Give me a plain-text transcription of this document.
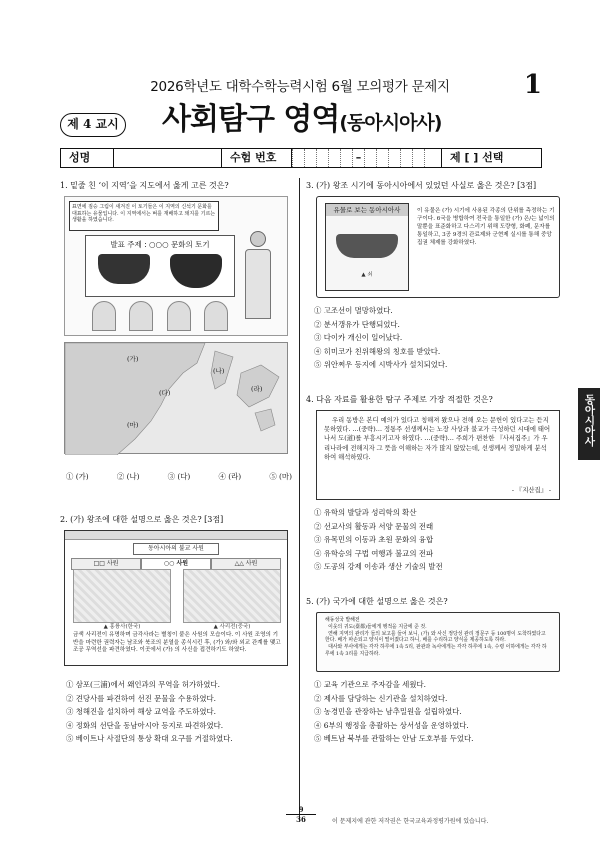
2026학년도 대학수학능력시험 6월 모의평가 문제지	1
제 4 교시 사회탐구 영역(동아시아사)
성명	수험 번호	–	제 [ ] 선택
동아시아사
1. 밑줄 친 ‘이 지역’을 지도에서 옳게 고른 것은?
표면에 짐승 그림이 새겨진 이 토기들은 이 지역의 신석기 문화를 대표하는 유물입니다. 이 지역에서는 벼를 재배하고 돼지를 기르는 생활을 하였습니다.
발표 주제 : ○○○ 문화의 토기
(가)
(나)
(다)	(라)
(마)
① (가)	② (나)	③ (다)	④ (라)	⑤ (마)
2. (가) 왕조에 대한 설명으로 옳은 것은? [3점]
동아시아의 불교 사원
□□ 사원	○○ 사원	△△ 사원
▲ 홍륭사(한국)	▲ 사리전(중국)
금색 사리전이 유명하며 금각사라는 별칭이 붙은 사원의 모습이다. 이 사원 조영의 기반을 마련한 권력자는 남조와 북조의 분열을 종식시킨 후, (가) 와/와 외교 관계를 맺고 조공 무역선을 파견하였다. 이곳에서 (가) 의 사신을 접견하기도 하였다.
① 삼포(三浦)에서 왜인과의 무역을 허가하였다.
② 견당사를 파견하여 선진 문물을 수용하였다.
③ 청해진을 설치하여 해상 교역을 주도하였다.
④ 정화의 선단을 동남아시아 등지로 파견하였다.
⑤ 베이트나 사절단의 통상 확대 요구를 거절하였다.
3. (가) 왕조 시기에 동아시아에서 있었던 사실로 옳은 것은? [3점]
유물로 보는 동아시아사
▲ 쇠
이 유물은 (가) 시기에 사용된 각종의 단위를 측정하는 기구이다. 6국을 병합하여 전국을 통일한 (가) 은/는 넓이의 말뿐을 표준화하고 다스리기 위해 도량형, 화폐, 문자를 통일하고, 3공 9경의 관료제와 군현제 실시를 통해 중앙 집권 체제를 강화하였다.
① 고조선이 멸망하였다.
② 분서갱유가 단행되었다.
③ 다이카 개신이 일어났다.
④ 히미코가 친위해왕의 칭호를 받았다.
⑤ 위안쩌우 등지에 시박사가 설치되었다.
4. 다음 자료를 활용한 탐구 주제로 가장 적절한 것은?
우리 동방은 본디 예의가 있다고 칭해져 왔으나 전해 오는 문헌이 있다고는 듣지 못하였다. …(중략)… 정통주 선생께서는 노장 사상과 불교가 극성하던 시대에 태어나서 도(道)를 부흥시키고자 하였다. …(중략)… 주희가 편찬한 『사서집주』가 우리나라에 전해지자 그 뜻을 이해하는 자가 많지 않았는데, 선생께서 정밀하게 분석하여 해석하였다.
- 『지산집』 -
① 유학의 발달과 성리학의 확산
② 선교사의 활동과 서양 문물의 전래
③ 유목민의 이동과 초원 문화의 융합
④ 유학승의 구법 여행과 불교의 전파
⑤ 도공의 강제 이송과 생산 기술의 발전
5. (가) 국가에 대한 설명으로 옳은 것은?
해동성국 발해전
이웃의 귀도(臺都)들에게 행적을 지금에 준 것.
연해 지역의 관리가 들의 보고를 들어 보니, (가) 와 사신 정당성 관리 정문구 등 100명이 도착하였다고 한다. 배가 파손되고 양식이 떨어졌다고 하니, 배를 수리하고 양식을 제공하도록 하라.
대사와 부사에게는 각각 하루에 1속 5리, 판관과 녹사에게는 각각 하루에 1속, 수령 이하에게는 각각 하루에 1속 3리를 지급하라.
① 교육 기관으로 주자감을 세웠다.
② 제사를 담당하는 신기관을 설치하였다.
③ 농경민을 관장하는 남추밀원을 설립하였다.
④ 6부의 행정을 총괄하는 상서성을 운영하였다.
⑤ 베트남 북부를 관할하는 안남 도호부를 두었다.
9
36	이 문제지에 관한 저작권은 한국교육과정평가원에 있습니다.
